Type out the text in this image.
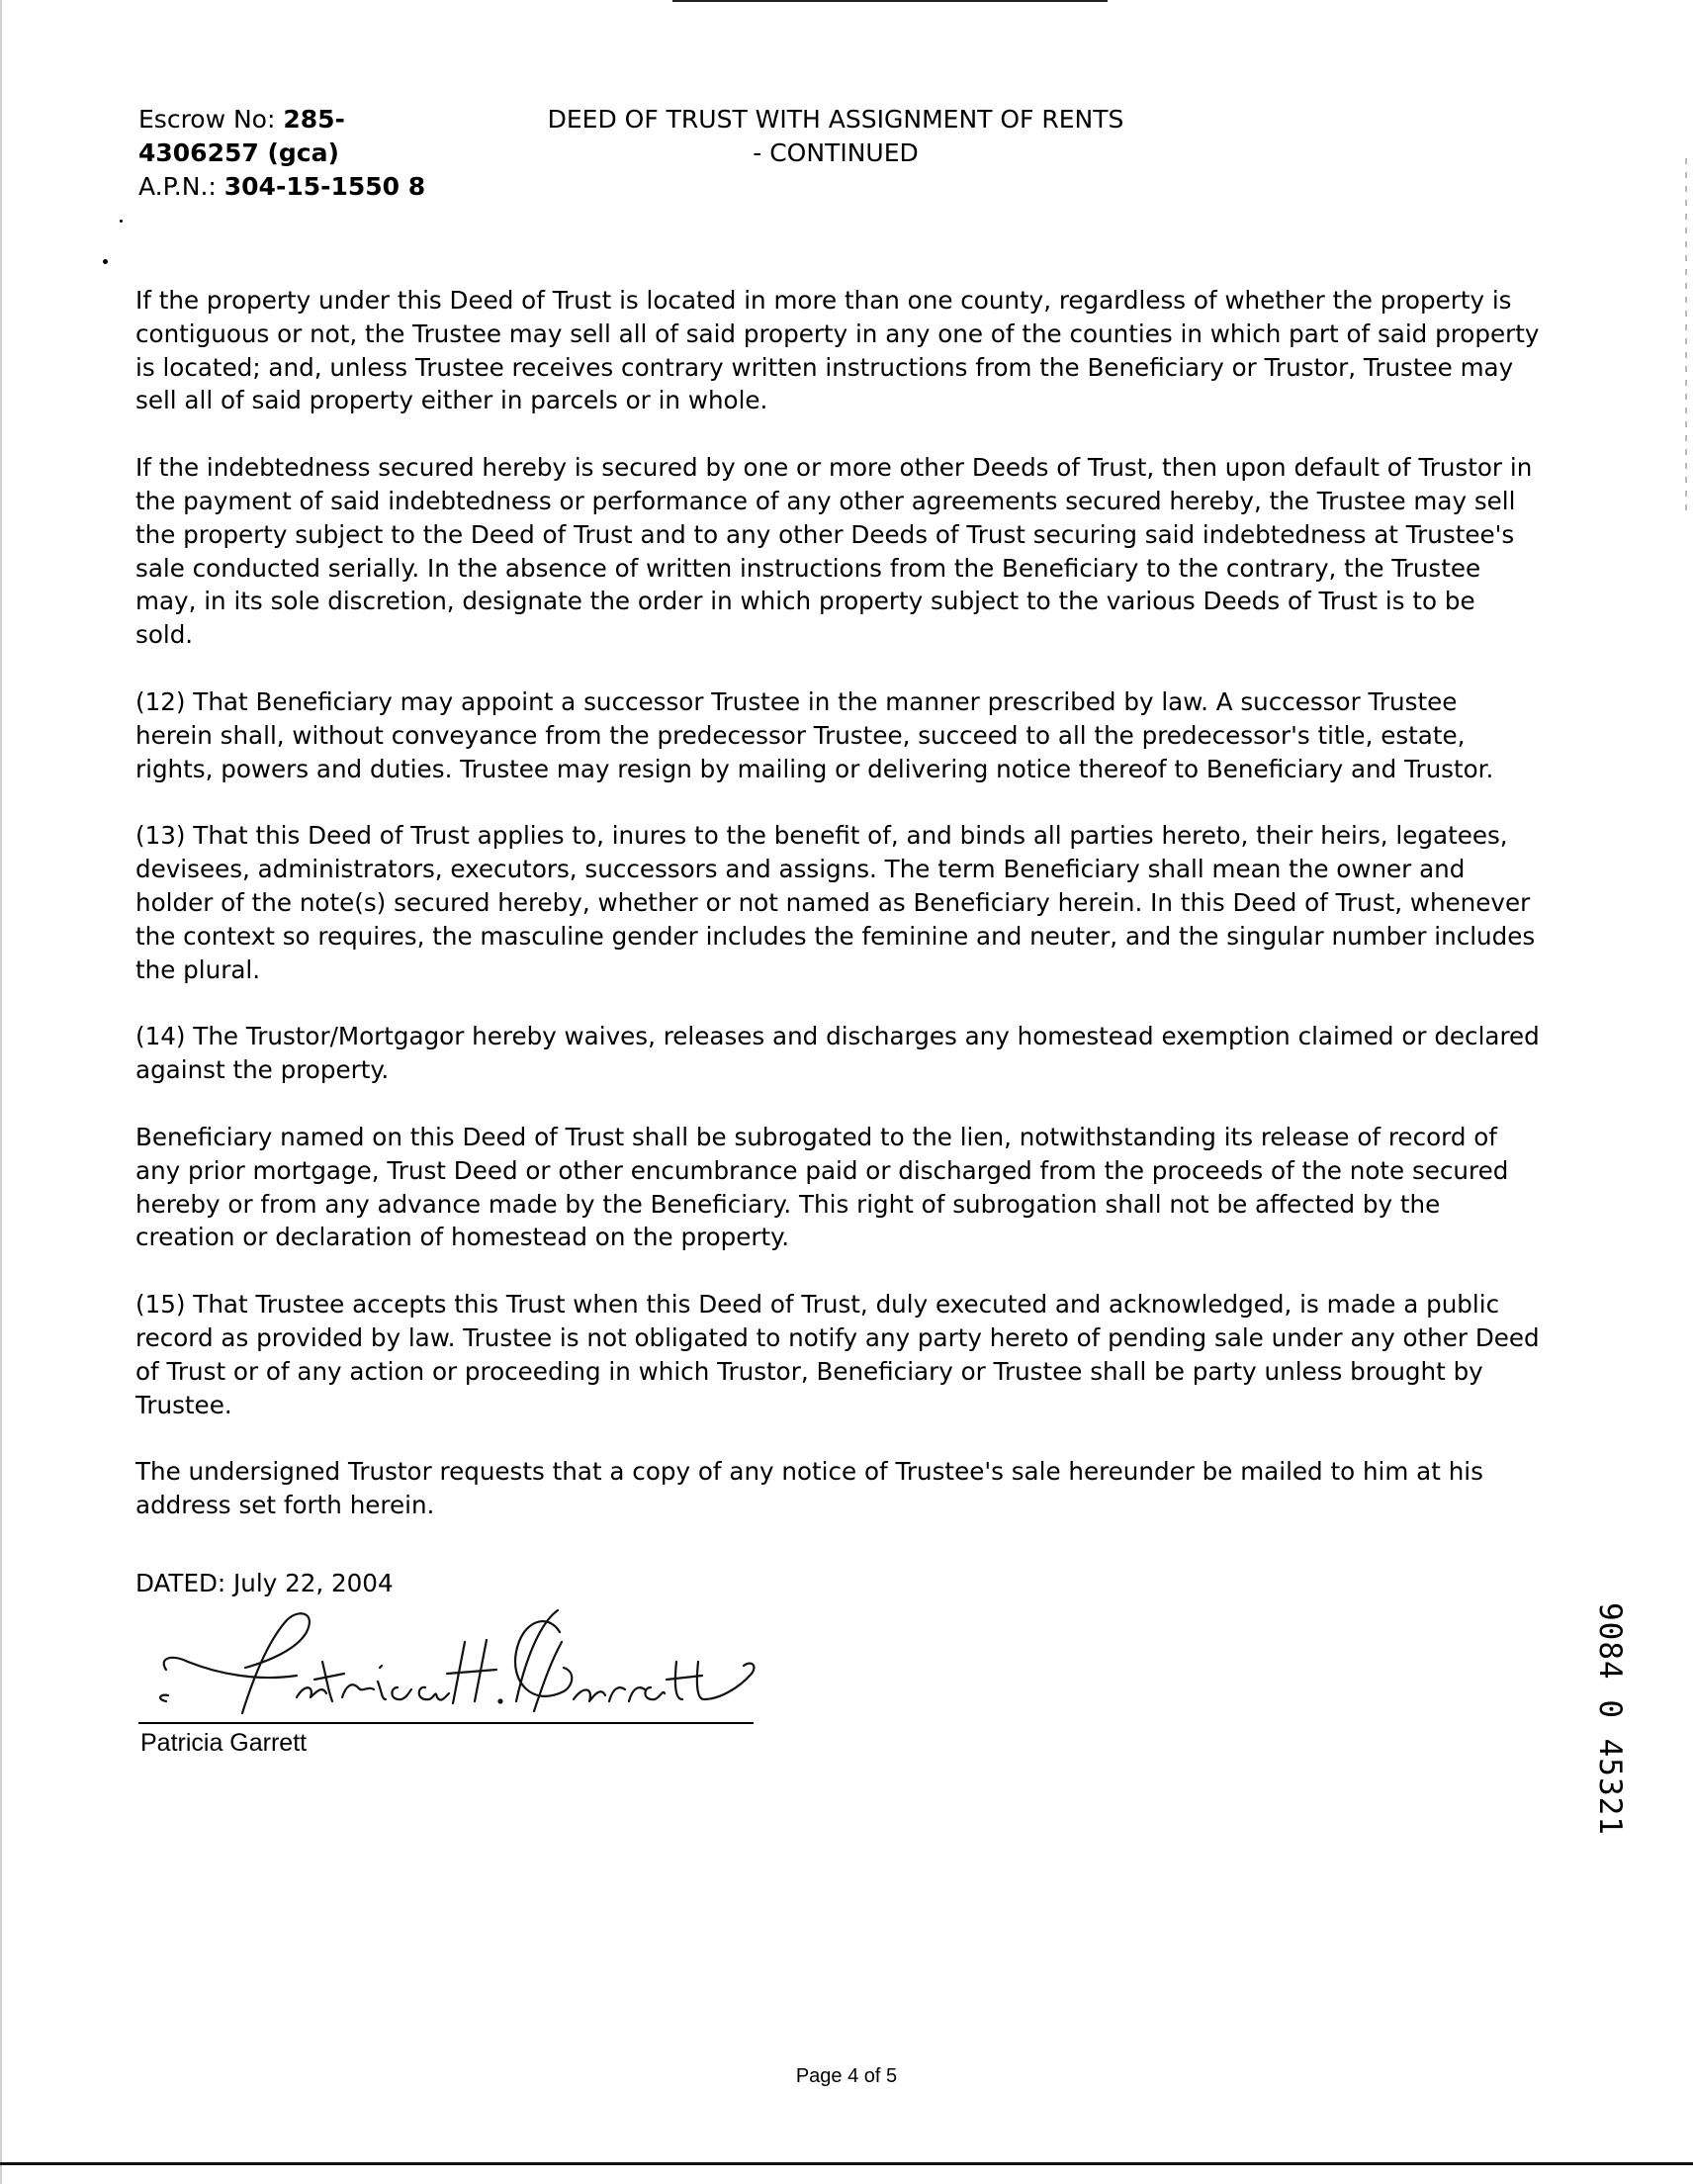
Escrow No: 285-
4306257 (gca)
A.P.N.: 304-15-1550 8
DEED OF TRUST WITH ASSIGNMENT OF RENTS
- CONTINUED

If the property under this Deed of Trust is located in more than one county, regardless of whether the property is contiguous or not, the Trustee may sell all of said property in any one of the counties in which part of said property is located; and, unless Trustee receives contrary written instructions from the Beneficiary or Trustor, Trustee may sell all of said property either in parcels or in whole.

If the indebtedness secured hereby is secured by one or more other Deeds of Trust, then upon default of Trustor in the payment of said indebtedness or performance of any other agreements secured hereby, the Trustee may sell the property subject to the Deed of Trust and to any other Deeds of Trust securing said indebtedness at Trustee's sale conducted serially. In the absence of written instructions from the Beneficiary to the contrary, the Trustee may, in its sole discretion, designate the order in which property subject to the various Deeds of Trust is to be sold.

(12) That Beneficiary may appoint a successor Trustee in the manner prescribed by law. A successor Trustee herein shall, without conveyance from the predecessor Trustee, succeed to all the predecessor's title, estate, rights, powers and duties. Trustee may resign by mailing or delivering notice thereof to Beneficiary and Trustor.

(13) That this Deed of Trust applies to, inures to the benefit of, and binds all parties hereto, their heirs, legatees, devisees, administrators, executors, successors and assigns. The term Beneficiary shall mean the owner and holder of the note(s) secured hereby, whether or not named as Beneficiary herein. In this Deed of Trust, whenever the context so requires, the masculine gender includes the feminine and neuter, and the singular number includes the plural.

(14) The Trustor/Mortgagor hereby waives, releases and discharges any homestead exemption claimed or declared against the property.

Beneficiary named on this Deed of Trust shall be subrogated to the lien, notwithstanding its release of record of any prior mortgage, Trust Deed or other encumbrance paid or discharged from the proceeds of the note secured hereby or from any advance made by the Beneficiary. This right of subrogation shall not be affected by the creation or declaration of homestead on the property.

(15) That Trustee accepts this Trust when this Deed of Trust, duly executed and acknowledged, is made a public record as provided by law. Trustee is not obligated to notify any party hereto of pending sale under any other Deed of Trust or of any action or proceeding in which Trustor, Beneficiary or Trustee shall be party unless brought by Trustee.

The undersigned Trustor requests that a copy of any notice of Trustee's sale hereunder be mailed to him at his address set forth herein.

DATED: July 22, 2004
Patricia Garrett	9084 0 45321
Page 4 of 5
